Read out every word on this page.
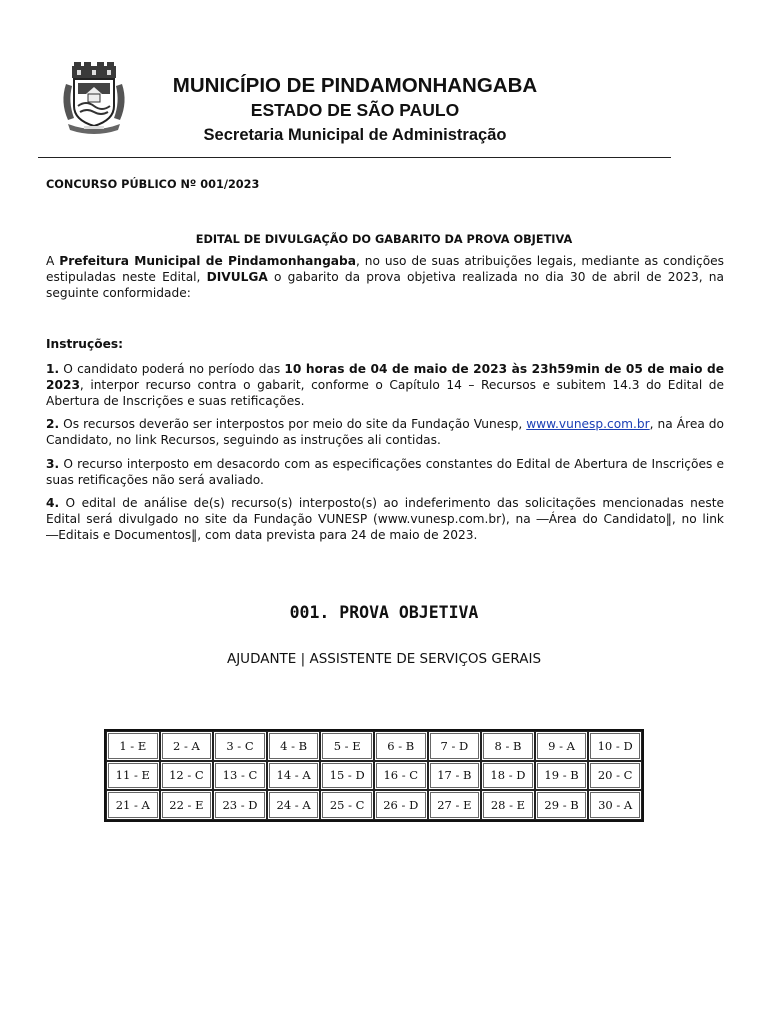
MUNICÍPIO DE PINDAMONHANGABA
ESTADO DE SÃO PAULO
Secretaria Municipal de Administração
CONCURSO PÚBLICO Nº 001/2023
EDITAL DE DIVULGAÇÃO DO GABARITO DA PROVA OBJETIVA
A Prefeitura Municipal de Pindamonhangaba, no uso de suas atribuições legais, mediante as condições estipuladas neste Edital, DIVULGA o gabarito da prova objetiva realizada no dia 30 de abril de 2023, na seguinte conformidade:
Instruções:
1. O candidato poderá no período das 10 horas de 04 de maio de 2023 às 23h59min de 05 de maio de 2023, interpor recurso contra o gabarit, conforme o Capítulo 14 – Recursos e subitem 14.3 do Edital de Abertura de Inscrições e suas retificações.
2. Os recursos deverão ser interpostos por meio do site da Fundação Vunesp, www.vunesp.com.br, na Área do Candidato, no link Recursos, seguindo as instruções ali contidas.
3. O recurso interposto em desacordo com as especificações constantes do Edital de Abertura de Inscrições e suas retificações não será avaliado.
4. O edital de análise de(s) recurso(s) interposto(s) ao indeferimento das solicitações mencionadas neste Edital será divulgado no site da Fundação VUNESP (www.vunesp.com.br), na ―Área do Candidato‖, no link ―Editais e Documentos‖, com data prevista para 24 de maio de 2023.
001. PROVA OBJETIVA
AJUDANTE | ASSISTENTE DE SERVIÇOS GERAIS
1 - E	2 - A	3 - C	4 - B	5 - E	6 - B	7 - D	8 - B	9 - A	10 - D
11 - E	12 - C	13 - C	14 - A	15 - D	16 - C	17 - B	18 - D	19 - B	20 - C
21 - A	22 - E	23 - D	24 - A	25 - C	26 - D	27 - E	28 - E	29 - B	30 - A
